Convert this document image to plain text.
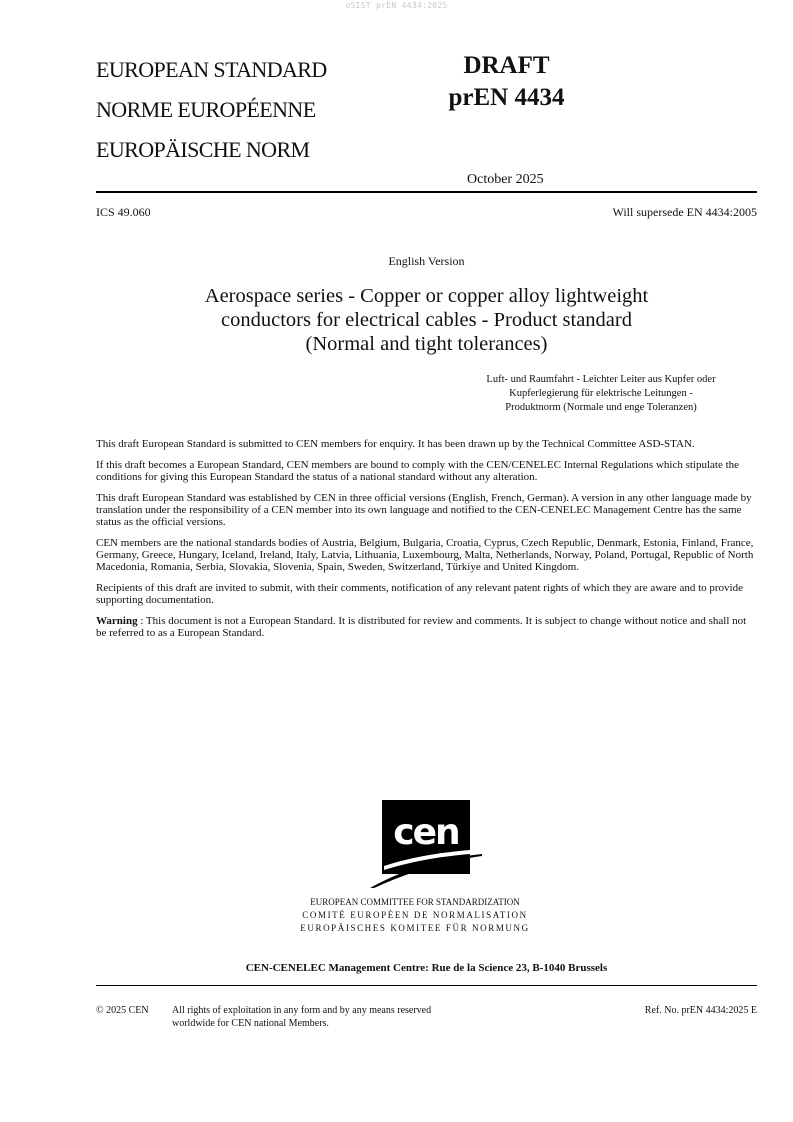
oSIST prEN 4434:2025
EUROPEAN STANDARD
NORME EUROPÉENNE
EUROPÄISCHE NORM
DRAFT
prEN 4434
October 2025
ICS 49.060	Will supersede EN 4434:2005
English Version
Aerospace series - Copper or copper alloy lightweight
conductors for electrical cables - Product standard
(Normal and tight tolerances)
Luft- und Raumfahrt - Leichter Leiter aus Kupfer oder
Kupferlegierung für elektrische Leitungen -
Produktnorm (Normale und enge Toleranzen)

This draft European Standard is submitted to CEN members for enquiry. It has been drawn up by the Technical Committee ASD-STAN.

If this draft becomes a European Standard, CEN members are bound to comply with the CEN/CENELEC Internal Regulations which stipulate the conditions for giving this European Standard the status of a national standard without any alteration.

This draft European Standard was established by CEN in three official versions (English, French, German). A version in any other language made by translation under the responsibility of a CEN member into its own language and notified to the CEN-CENELEC Management Centre has the same status as the official versions.

CEN members are the national standards bodies of Austria, Belgium, Bulgaria, Croatia, Cyprus, Czech Republic, Denmark, Estonia, Finland, France, Germany, Greece, Hungary, Iceland, Ireland, Italy, Latvia, Lithuania, Luxembourg, Malta, Netherlands, Norway, Poland, Portugal, Republic of North Macedonia, Romania, Serbia, Slovakia, Slovenia, Spain, Sweden, Switzerland, Türkiye and United Kingdom.

Recipients of this draft are invited to submit, with their comments, notification of any relevant patent rights of which they are aware and to provide supporting documentation.

Warning : This document is not a European Standard. It is distributed for review and comments. It is subject to change without notice and shall not be referred to as a European Standard.

cen
EUROPEAN COMMITTEE FOR STANDARDIZATION
COMITÉ EUROPÉEN DE NORMALISATION
EUROPÄISCHES KOMITEE FÜR NORMUNG
CEN-CENELEC Management Centre: Rue de la Science 23, B-1040 Brussels
© 2025 CEN All rights of exploitation in any form and by any means reserved
worldwide for CEN national Members.
Ref. No. prEN 4434:2025 E
